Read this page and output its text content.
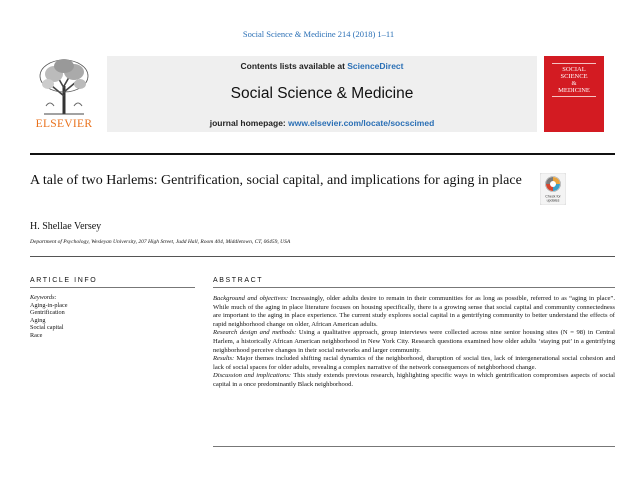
Social Science & Medicine 214 (2018) 1–11
ELSEVIER
Contents lists available at ScienceDirect
Social Science & Medicine
journal homepage: www.elsevier.com/locate/socscimed
SOCIAL
SCIENCE
&
MEDICINE
A tale of two Harlems: Gentrification, social capital, and implications for aging in place
Check for
updates
H. Shellae Versey
Department of Psychology, Wesleyan University, 207 High Street, Judd Hall, Room 404, Middletown, CT, 06459, USA
ARTICLE INFO	ABSTRACT
Keywords:
Aging-in-place
Gentrification
Aging
Social capital
Race

Background and objectives: Increasingly, older adults desire to remain in their communities for as long as possible, referred to as “aging in place”. While much of the aging in place literature focuses on housing specifically, there is a growing sense that social capital and community connectedness are important to the aging in place experience. The current study explores social capital in a gentrifying community to better understand the effects of rapid neighborhood change on older, African American adults.

Research design and methods: Using a qualitative approach, group interviews were collected across nine senior housing sites (N = 98) in Central Harlem, a historically African American neighborhood in New York City. Research questions examined how older adults ‘staying put’ in a gentrifying neighborhood perceive changes in their social networks and larger community.

Results: Major themes included shifting racial dynamics of the neighborhood, disruption of social ties, lack of intergenerational social cohesion and lack of social spaces for older adults, revealing a complex narrative of the network consequences of neighborhood change.

Discussion and implications: This study extends previous research, highlighting specific ways in which gentrification compromises aspects of social capital in a once predominantly Black neighborhood.
